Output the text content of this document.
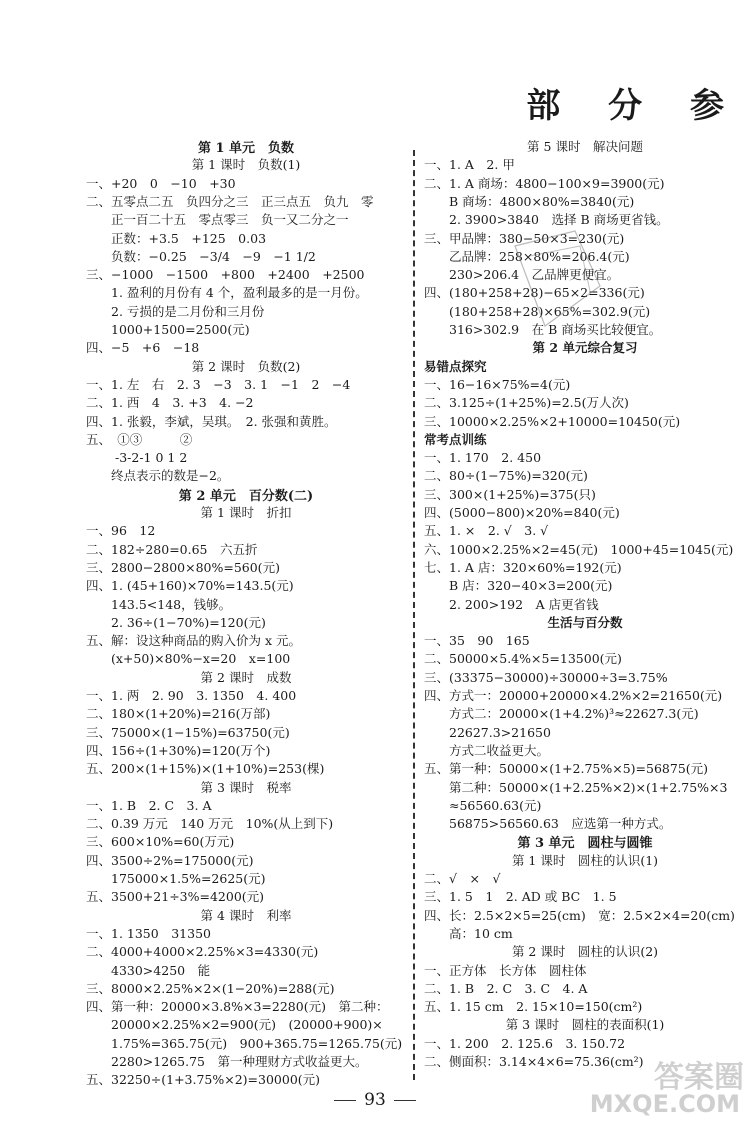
部 分 参
第 1 单元　负数
第 1 课时　负数(1)
一、+20　0　−10　+30
二、五零点二五　负四分之三　正三点五　负九　零
　　正一百二十五　零点零三　负一又二分之一
　　正数：+3.5　+125　0.03
　　负数：−0.25　−3/4　−9　−1 1/2
三、−1000　−1500　+800　+2400　+2500
　　1. 盈利的月份有 4 个，盈利最多的是一月份。
　　2. 亏损的是二月份和三月份
　　1000+1500=2500(元)
四、−5　+6　−18
第 2 课时　负数(2)
一、1. 左　右　2. 3　−3　3. 1　−1　2　−4
二、1. 西　4　3. +3　4. −2
四、1. 张毅，李斌，吴琪。　2. 张强和黄胜。
五、　①③　　　②
　　 -3-2-1 0 1 2
　　终点表示的数是−2。
第 2 单元　百分数(二)
第 1 课时　折扣
一、96　12
二、182÷280=0.65　六五折
三、2800−2800×80%=560(元)
四、1. (45+160)×70%=143.5(元)
　　143.5<148，钱够。
　　2. 36÷(1−70%)=120(元)
五、解：设这种商品的购入价为 x 元。
　　(x+50)×80%−x=20　x=100
第 2 课时　成数
一、1. 两　2. 90　3. 1350　4. 400
二、180×(1+20%)=216(万部)
三、75000×(1−15%)=63750(元)
四、156÷(1+30%)=120(万个)
五、200×(1+15%)×(1+10%)=253(棵)
第 3 课时　税率
一、1. B　2. C　3. A
二、0.39 万元　140 万元　10%(从上到下)
三、600×10%=60(万元)
四、3500÷2%=175000(元)
　　175000×1.5%=2625(元)
五、3500+21÷3%=4200(元)
第 4 课时　利率
一、1. 1350　31350
二、4000+4000×2.25%×3=4330(元)
　　4330>4250　能
三、8000×2.25%×2×(1−20%)=288(元)
四、第一种：20000×3.8%×3=2280(元)　第二种：
　　20000×2.25%×2=900(元)　(20000+900)×
　　1.75%=365.75(元)　900+365.75=1265.75(元)
　　2280>1265.75　第一种理财方式收益更大。
五、32250÷(1+3.75%×2)=30000(元)
第 5 课时　解决问题
一、1. A　2. 甲
二、1. A 商场：4800−100×9=3900(元)
　　B 商场：4800×80%=3840(元)
　　2. 3900>3840　选择 B 商场更省钱。
三、甲品牌：380−50×3=230(元)
　　乙品牌：258×80%=206.4(元)
　　230>206.4　乙品牌更便宜。
四、(180+258+28)−65×2=336(元)
　　(180+258+28)×65%=302.9(元)
　　316>302.9　在 B 商场买比较便宜。
第 2 单元综合复习
易错点探究
一、16−16×75%=4(元)
二、3.125÷(1+25%)=2.5(万人次)
三、10000×2.25%×2+10000=10450(元)
常考点训练
一、1. 170　2. 450
二、80÷(1−75%)=320(元)
三、300×(1+25%)=375(只)
四、(5000−800)×20%=840(元)
五、1. ×　2. √　3. √
六、1000×2.25%×2=45(元)　1000+45=1045(元)
七、1. A 店：320×60%=192(元)
　　B 店：320−40×3=200(元)
　　2. 200>192　A 店更省钱
生活与百分数
一、35　90　165
二、50000×5.4%×5=13500(元)
三、(33375−30000)÷30000÷3=3.75%
四、方式一：20000+20000×4.2%×2=21650(元)
　　方式二：20000×(1+4.2%)³≈22627.3(元)
　　22627.3>21650
　　方式二收益更大。
五、第一种：50000×(1+2.75%×5)=56875(元)
　　第二种：50000×(1+2.25%×2)×(1+2.75%×3
　　≈56560.63(元)
　　56875>56560.63　应选第一种方式。
第 3 单元　圆柱与圆锥
第 1 课时　圆柱的认识(1)
二、√　×　√
三、1. 5　1　2. AD 或 BC　1. 5
四、长：2.5×2×5=25(cm)　宽：2.5×2×4=20(cm)
　　高：10 cm
第 2 课时　圆柱的认识(2)
一、正方体　长方体　圆柱体
二、1. B　2. C　3. C　4. A
五、1. 15 cm　2. 15×10=150(cm²)
第 3 课时　圆柱的表面积(1)
一、1. 200　2. 125.6　3. 150.72
二、侧面积：3.14×4×6=75.36(cm²)
93
答案圈
MXQE.COM
